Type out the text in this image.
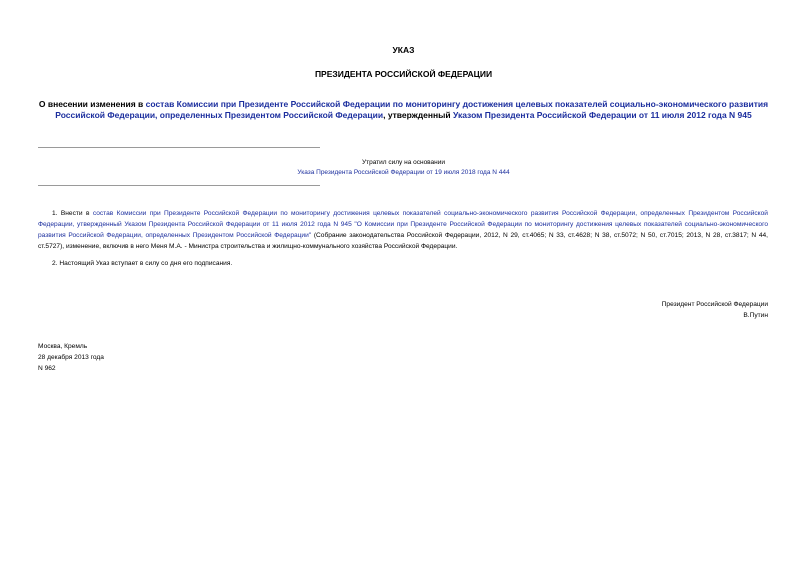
УКАЗ
ПРЕЗИДЕНТА РОССИЙСКОЙ ФЕДЕРАЦИИ
О внесении изменения в состав Комиссии при Президенте Российской Федерации по мониторингу достижения целевых показателей социально-экономического развития Российской Федерации, определенных Президентом Российской Федерации, утвержденный Указом Президента Российской Федерации от 11 июля 2012 года N 945
Утратил силу на основании
Указа Президента Российской Федерации от 19 июля 2018 года N 444
1. Внести в состав Комиссии при Президенте Российской Федерации по мониторингу достижения целевых показателей социально-экономического развития Российской Федерации, определенных Президентом Российской Федерации, утвержденный Указом Президента Российской Федерации от 11 июля 2012 года N 945 "О Комиссии при Президенте Российской Федерации по мониторингу достижения целевых показателей социально-экономического развития Российской Федерации, определенных Президентом Российской Федерации" (Собрание законодательства Российской Федерации, 2012, N 29, ст.4065; N 33, ст.4628; N 38, ст.5072; N 50, ст.7015; 2013, N 28, ст.3817; N 44, ст.5727), изменение, включив в него Меня М.А. - Министра строительства и жилищно-коммунального хозяйства Российской Федерации.
2. Настоящий Указ вступает в силу со дня его подписания.
Президент Российской Федерации
В.Путин
Москва, Кремль
28 декабря 2013 года
N 962
